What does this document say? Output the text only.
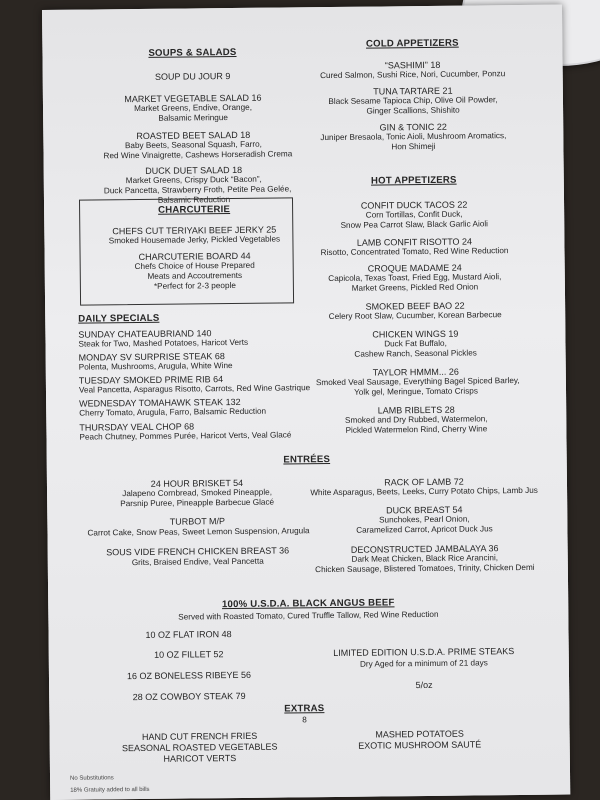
SOUPS & SALADS
SOUP DU JOUR 9
MARKET VEGETABLE SALAD 16
Market Greens, Endive, Orange,
Balsamic Meringue
ROASTED BEET SALAD 18
Baby Beets, Seasonal Squash, Farro,
Red Wine Vinaigrette, Cashews Horseradish Crema
DUCK DUET SALAD 18
Market Greens, Crispy Duck “Bacon”,
Duck Pancetta, Strawberry Froth, Petite Pea Gelée,
Balsamic Reduction
CHARCUTERIE
CHEFS CUT TERIYAKI BEEF JERKY 25
Smoked Housemade Jerky, Pickled Vegetables
CHARCUTERIE BOARD 44
Chefs Choice of House Prepared
Meats and Accoutrements
*Perfect for 2-3 people
DAILY SPECIALS
SUNDAY CHATEAUBRIAND 140
Steak for Two, Mashed Potatoes, Haricot Verts
MONDAY SV SURPRISE STEAK 68
Polenta, Mushrooms, Arugula, White Wine
TUESDAY SMOKED PRIME RIB 64
Veal Pancetta, Asparagus Risotto, Carrots, Red Wine Gastrique
WEDNESDAY TOMAHAWK STEAK 132
Cherry Tomato, Arugula, Farro, Balsamic Reduction
THURSDAY VEAL CHOP 68
Peach Chutney, Pommes Purée, Haricot Verts, Veal Glacé
COLD APPETIZERS
“SASHIMI” 18
Cured Salmon, Sushi Rice, Nori, Cucumber, Ponzu
TUNA TARTARE 21
Black Sesame Tapioca Chip, Olive Oil Powder,
Ginger Scallions, Shishito
GIN & TONIC 22
Juniper Bresaola, Tonic Aioli, Mushroom Aromatics,
Hon Shimeji
HOT APPETIZERS
CONFIT DUCK TACOS 22
Corn Tortillas, Confit Duck,
Snow Pea Carrot Slaw, Black Garlic Aioli
LAMB CONFIT RISOTTO 24
Risotto, Concentrated Tomato, Red Wine Reduction
CROQUE MADAME 24
Capicola, Texas Toast, Fried Egg, Mustard Aioli,
Market Greens, Pickled Red Onion
SMOKED BEEF BAO 22
Celery Root Slaw, Cucumber, Korean Barbecue
CHICKEN WINGS 19
Duck Fat Buffalo,
Cashew Ranch, Seasonal Pickles
TAYLOR HMMM... 26
Smoked Veal Sausage, Everything Bagel Spiced Barley,
Yolk gel, Meringue, Tomato Crisps
LAMB RIBLETS 28
Smoked and Dry Rubbed, Watermelon,
Pickled Watermelon Rind, Cherry Wine
ENTRÉES
24 HOUR BRISKET 54
Jalapeno Cornbread, Smoked Pineapple,
Parsnip Puree, Pineapple Barbecue Glacé
TURBOT M/P
Carrot Cake, Snow Peas, Sweet Lemon Suspension, Arugula
SOUS VIDE FRENCH CHICKEN BREAST 36
Grits, Braised Endive, Veal Pancetta
RACK OF LAMB 72
White Asparagus, Beets, Leeks, Curry Potato Chips, Lamb Jus
DUCK BREAST 54
Sunchokes, Pearl Onion,
Caramelized Carrot, Apricot Duck Jus
DECONSTRUCTED JAMBALAYA 36
Dark Meat Chicken, Black Rice Arancini,
Chicken Sausage, Blistered Tomatoes, Trinity, Chicken Demi
100% U.S.D.A. BLACK ANGUS BEEF
Served with Roasted Tomato, Cured Truffle Tallow, Red Wine Reduction
10 OZ FLAT IRON 48
10 OZ FILLET 52
16 OZ BONELESS RIBEYE 56
28 OZ COWBOY STEAK 79
LIMITED EDITION U.S.D.A. PRIME STEAKS
Dry Aged for a minimum of 21 days
5/oz
EXTRAS
8
HAND CUT FRENCH FRIES
SEASONAL ROASTED VEGETABLES
HARICOT VERTS
MASHED POTATOES
EXOTIC MUSHROOM SAUTÉ
No Substitutions
18% Gratuity added to all bills
